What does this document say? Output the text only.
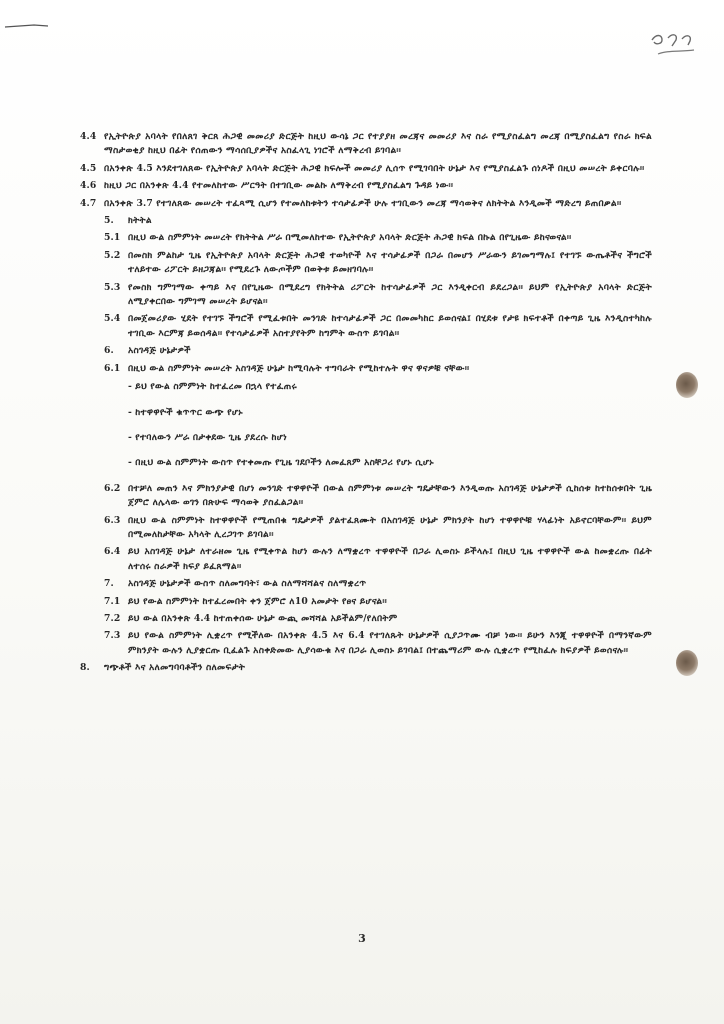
4.4 የኢትዮጵያ አባላት የበለጸገ ቅርጸ ሕጋዊ መመሪያ ድርጅት ከዚህ ውሳኔ ጋር የተያያዘ መረጃና መመሪያ እና ስራ የሚያስፈልግ መረጃ በሚያስፈልግ የስራ ክፍል ማስታወቂያ ከዚህ በፊት የሰጠውን ማሳሰቢያዎችና አስፈላጊ ነገሮች ለማቅረብ ይገባል፡፡
4.5 በአንቀጽ 4.5 እንደተገለጸው የኢትዮጵያ አባላት ድርጅት ሕጋዊ ክፍሎች መመሪያ ሊሰጥ የሚገባበት ሁኔታ እና የሚያስፈልጉ ሰነዶች በዚህ መሠረት ይቀርባሉ፡፡
4.6 ከዚህ ጋር በአንቀጽ 4.4 የተመለከተው ሥርዓት በተገቢው መልኩ ለማቅረብ የሚያስፈልግ ጉዳይ ነው፡፡
4.7 በአንቀጽ 3.7 የተገለጸው መሠረት ተፈጻሚ ሲሆን የተመለከቱትን ተሳታፊዎች ሁሉ ተገቢውን መረጃ ማሳወቅና ለክትትል እንዲመች ማድረግ ይጠበቃል፡፡
5.	ክትትል
5.1 በዚህ ውል ስምምነት መሠረት የክትትል ሥራ በሚመለከተው የኢትዮጵያ አባላት ድርጅት ሕጋዊ ክፍል በኩል በየጊዜው ይከናወናል፡፡
5.2 በመስክ ምልከታ ጊዜ የኢትዮጵያ አባላት ድርጅት ሕጋዊ ተወካዮች እና ተሳታፊዎች በጋራ በመሆን ሥራውን ይገመግማሉ፤ የተገኙ ውጤቶችና ችግሮች ተለይተው ሪፖርት ይዘጋጃል፡፡ የሚደረጉ ለውጦችም በወቅቱ ይመዘገባሉ፡፡
5.3 የመስክ ግምገማው ቀጣይ እና በየጊዜው በሚደረግ የክትትል ሪፖርት ከተሳታፊዎች ጋር እንዲቀርብ ይደረጋል፡፡ ይህም የኢትዮጵያ አባላት ድርጅት ለሚያቀርበው ግምገማ መሠረት ይሆናል፡፡
5.4 በመጀመሪያው ሂደት የተገኙ ችግሮች የሚፈቱበት መንገድ ከተሳታፊዎች ጋር በመመካከር ይወሰናል፤ በሂደቱ የታዩ ክፍተቶች በቀጣይ ጊዜ እንዲስተካከሉ ተገቢው እርምጃ ይወሰዳል፡፡ የተሳታፊዎች አስተያየትም ከግምት ውስጥ ይገባል፡፡
6.	አስገዳጅ ሁኔታዎች
6.1 በዚህ ውል ስምምነት መሠረት አስገዳጅ ሁኔታ ከሚባሉት ተግባራት የሚከተሉት ዋና ዋናዎቹ ናቸው፡፡
- ይህ የውል ስምምነት ከተፈረመ በኋላ የተፈጠሩ
- ከተዋዋዮች ቁጥጥር ውጭ የሆኑ
- የተባለውን ሥራ በታቀደው ጊዜ ያደረሱ ከሆነ
- በዚህ ውል ስምምነት ውስጥ የተቀመጡ የጊዜ ገደቦችን ለመፈጸም አስቸጋሪ የሆኑ ሲሆኑ
6.2 በተቻለ መጠን እና ምክንያታዊ በሆነ መንገድ ተዋዋዮች በውል ስምምነቱ መሠረት ግዴታቸውን እንዲወጡ አስገዳጅ ሁኔታዎች ሲከሰቱ ከተከሰቱበት ጊዜ ጀምሮ ለሌላው ወገን በጽሁፍ ማሳወቅ ያስፈልጋል፡፡
6.3 በዚህ ውል ስምምነት ከተዋዋዮች የሚጠበቁ ግዴታዎች ያልተፈጸሙት በአስገዳጅ ሁኔታ ምክንያት ከሆነ ተዋዋዮቹ ሃላፊነት አይኖርባቸውም፡፡ ይህም በሚመለከታቸው አካላት ሊረጋገጥ ይገባል፡፡
6.4 ይህ አስገዳጅ ሁኔታ ለተራዘመ ጊዜ የሚቀጥል ከሆነ ውሉን ለማቋረጥ ተዋዋዮች በጋራ ሊወስኑ ይችላሉ፤ በዚህ ጊዜ ተዋዋዮች ውል ከመቋረጡ በፊት ለተሰሩ ስራዎች ክፍያ ይፈጸማል፡፡
7.	አስገዳጅ ሁኔታዎች ውስጥ ስለመግባት፣ ውል ስለማሻሻልና ስለማቋረጥ
7.1 ይህ የውል ስምምነት ከተፈረመበት ቀን ጀምሮ ለ10 አመታት የፀና ይሆናል፡፡
7.2 ይህ ውል በአንቀጽ 4.4 ከተጠቀሰው ሁኔታ ውጪ መሻሻል አይችልም/የለበትም
7.3 ይህ የውል ስምምነት ሊቋረጥ የሚችለው በአንቀጽ 4.5 እና 6.4 የተገለጹት ሁኔታዎች ሲያጋጥሙ ብቻ ነው፡፡ ይሁን እንጂ ተዋዋዮች በማንኛውም ምክንያት ውሉን ሊያቋርጡ ቢፈልጉ አስቀድመው ሊያሳውቁ እና በጋራ ሊወስኑ ይገባል፤ በተጨማሪም ውሉ ሲቋረጥ የሚከፈሉ ክፍያዎች ይወሰናሉ፡፡
8.	ግጭቶች እና አለመግባባቶችን ስለመፍታት
3
